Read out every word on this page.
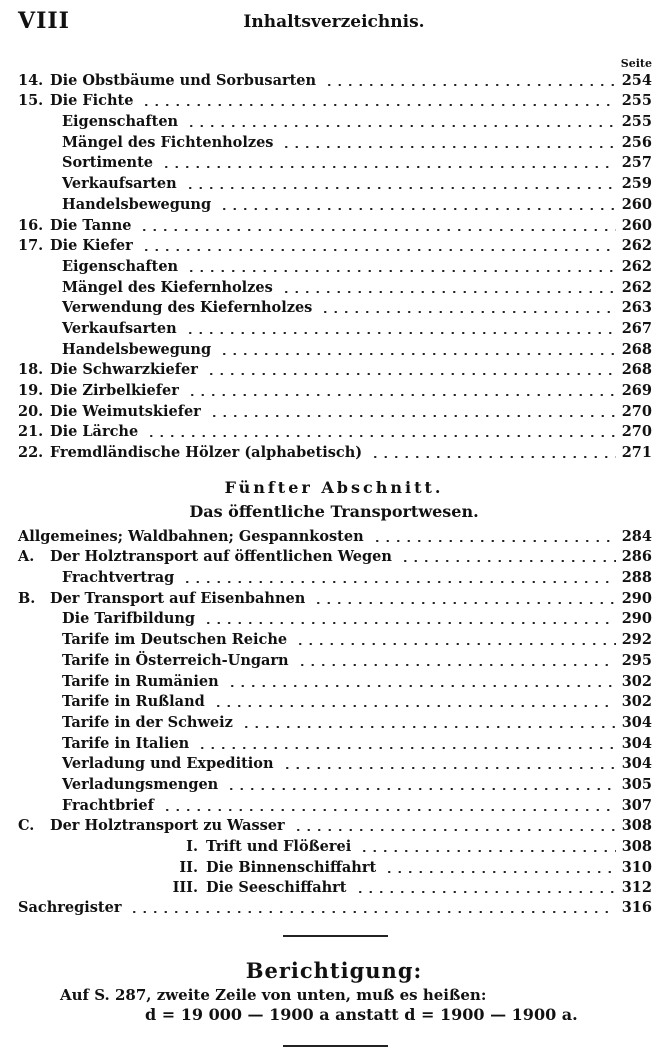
VIII	Inhaltsverzeichnis.
Seite
14. Die Obstbäume und Sorbusarten	254
15. Die Fichte	255
Eigenschaften	255
Mängel des Fichtenholzes	256
Sortimente	257
Verkaufsarten	259
Handelsbewegung	260
16. Die Tanne	260
17. Die Kiefer	262
Eigenschaften	262
Mängel des Kiefernholzes	262
Verwendung des Kiefernholzes	263
Verkaufsarten	267
Handelsbewegung	268
18. Die Schwarzkiefer	268
19. Die Zirbelkiefer	269
20. Die Weimutskiefer	270
21. Die Lärche	270
22. Fremdländische Hölzer (alphabetisch)	271
Fünfter Abschnitt.
Das öffentliche Transportwesen.
Allgemeines; Waldbahnen; Gespannkosten	284
A.	Der Holztransport auf öffentlichen Wegen	286
Frachtvertrag	288
B.	Der Transport auf Eisenbahnen	290
Die Tarifbildung	290
Tarife im Deutschen Reiche	292
Tarife in Österreich-Ungarn	295
Tarife in Rumänien	302
Tarife in Rußland	302
Tarife in der Schweiz	304
Tarife in Italien	304
Verladung und Expedition	304
Verladungsmengen	305
Frachtbrief	307
C.	Der Holztransport zu Wasser	308
I. Trift und Flößerei	308
II. Die Binnenschiffahrt	310
III. Die Seeschiffahrt	312
Sachregister	316
Berichtigung:
Auf S. 287, zweite Zeile von unten, muß es heißen:
d = 19 000 — 1900 a anstatt d = 1900 — 1900 a.
